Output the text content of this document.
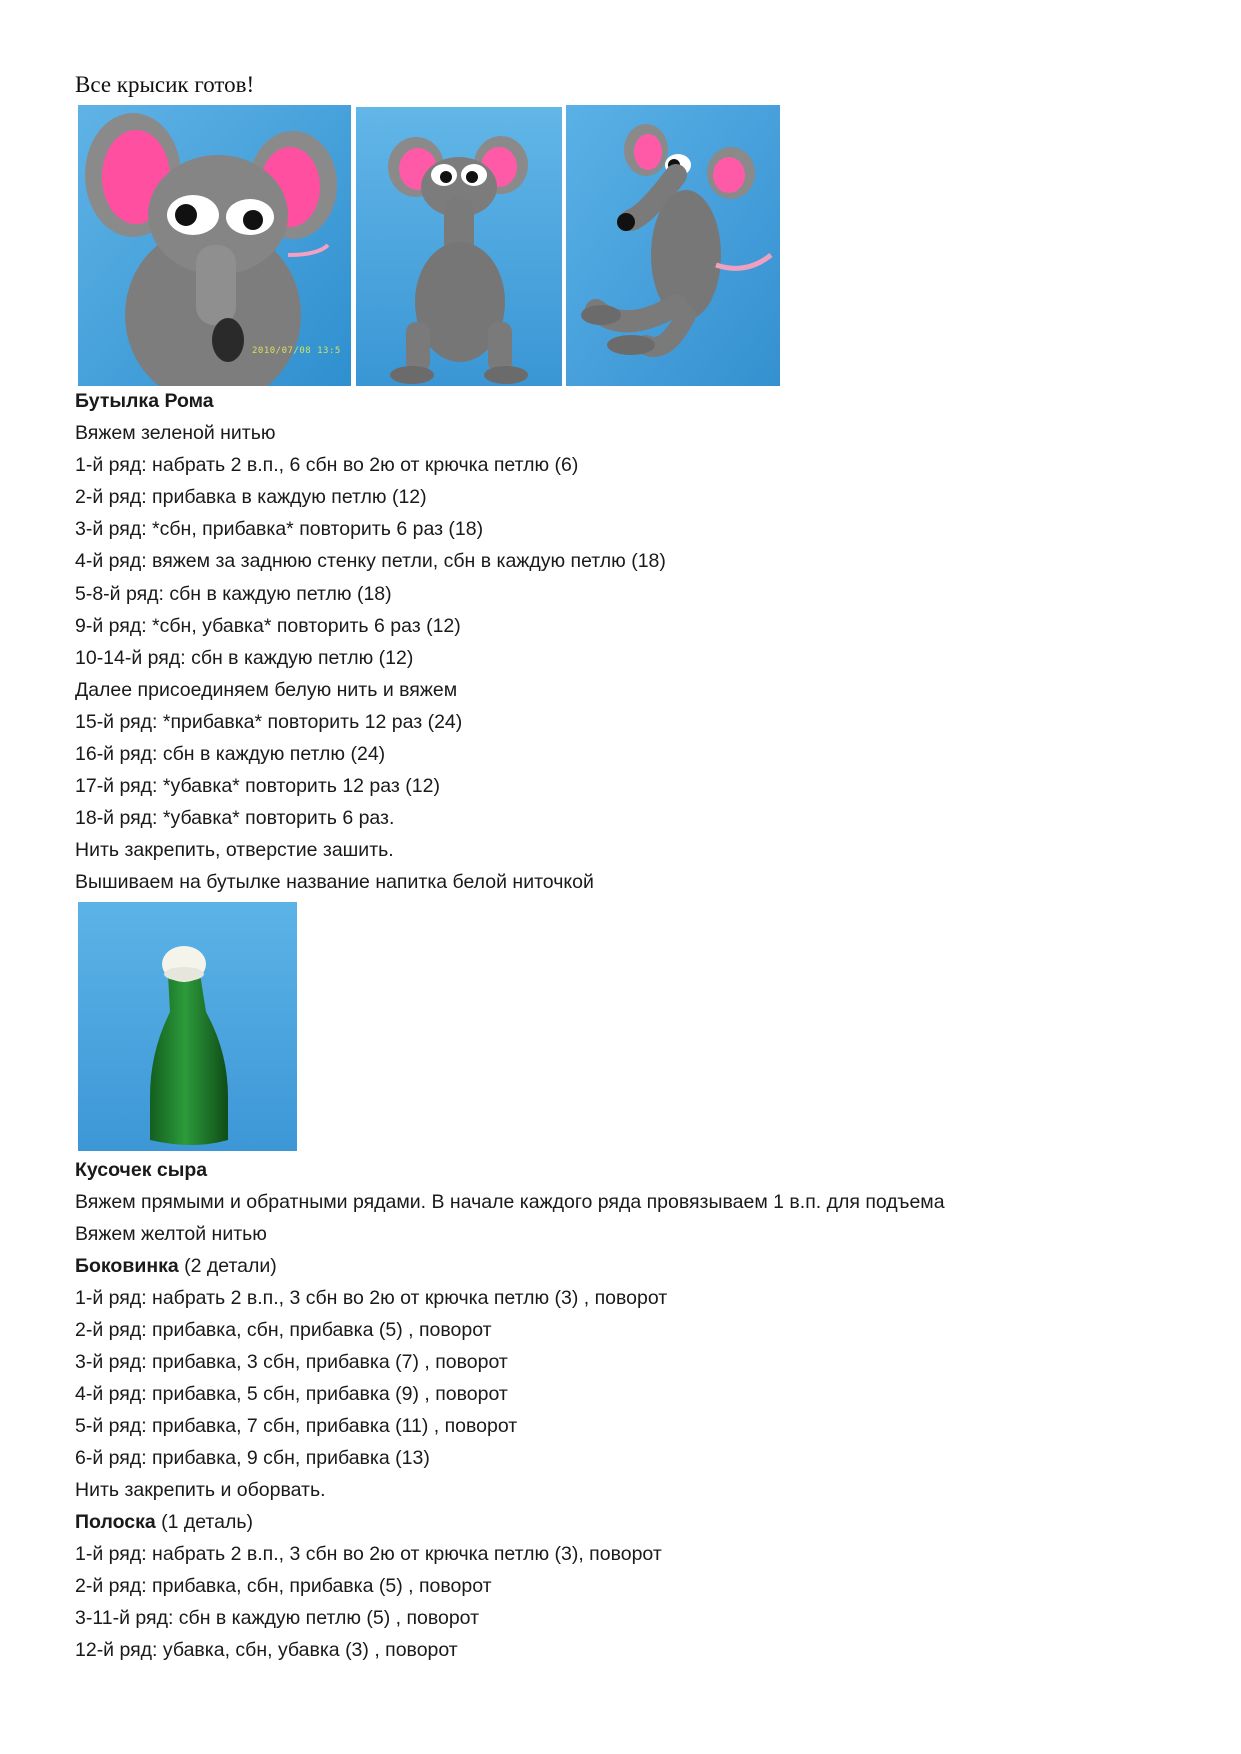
Все крысик готов!
2010/07/08 13:5
Бутылка Рома
Вяжем зеленой нитью
1-й ряд: набрать 2 в.п., 6 сбн во 2ю от крючка петлю (6)
2-й ряд: прибавка в каждую петлю (12)
3-й ряд: *сбн, прибавка* повторить 6 раз (18)
4-й ряд: вяжем за заднюю стенку петли, сбн в каждую петлю (18)
5-8-й ряд: сбн в каждую петлю (18)
9-й ряд: *сбн, убавка* повторить 6 раз (12)
10-14-й ряд: сбн в каждую петлю (12)
Далее присоединяем белую нить и вяжем
15-й ряд: *прибавка* повторить 12 раз (24)
16-й ряд: сбн в каждую петлю (24)
17-й ряд: *убавка* повторить 12 раз (12)
18-й ряд: *убавка* повторить 6 раз.
Нить закрепить, отверстие зашить.
Вышиваем на бутылке название напитка белой ниточкой
Кусочек сыра
Вяжем прямыми и обратными рядами. В начале каждого ряда провязываем 1 в.п. для подъема
Вяжем желтой нитью
Боковинка (2 детали)
1-й ряд: набрать 2 в.п., 3 сбн во 2ю от крючка петлю (3) , поворот
2-й ряд: прибавка, сбн, прибавка (5) , поворот
3-й ряд: прибавка, 3 сбн, прибавка (7) , поворот
4-й ряд: прибавка, 5 сбн, прибавка (9) , поворот
5-й ряд: прибавка, 7 сбн, прибавка (11) , поворот
6-й ряд: прибавка, 9 сбн, прибавка (13)
Нить закрепить и оборвать.
Полоска (1 деталь)
1-й ряд: набрать 2 в.п., 3 сбн во 2ю от крючка петлю (3), поворот
2-й ряд: прибавка, сбн, прибавка (5) , поворот
3-11-й ряд: сбн в каждую петлю (5) , поворот
12-й ряд: убавка, сбн, убавка (3) , поворот
